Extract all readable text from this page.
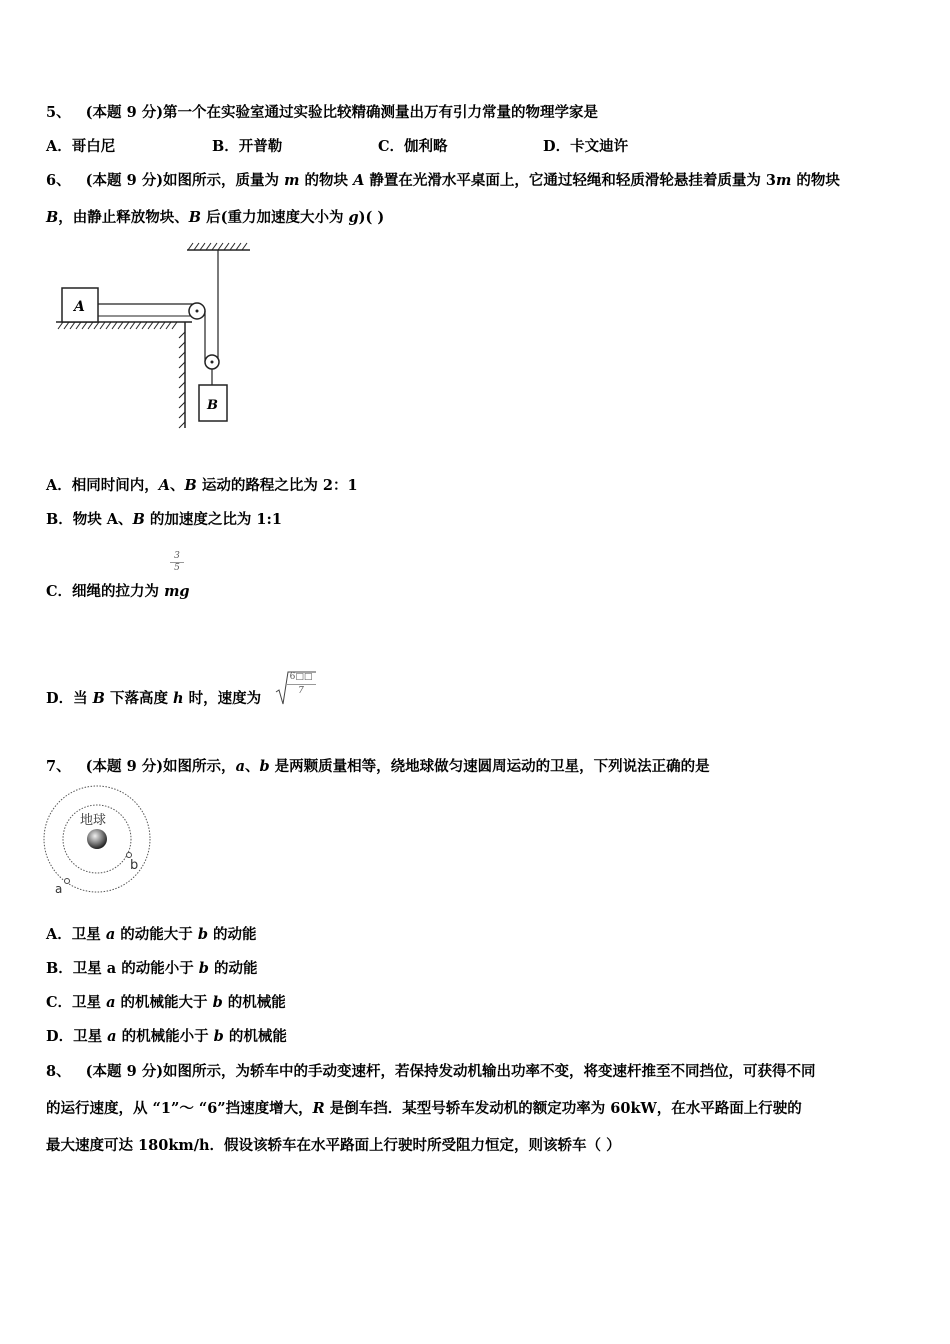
5、 (本题 9 分)第一个在实验室通过实验比较精确测量出万有引力常量的物理学家是
A．哥白尼	B．开普勒	C．伽利略	D．卡文迪许
6、 (本题 9 分)如图所示，质量为 m 的物块 A 静置在光滑水平桌面上，它通过轻绳和轻质滑轮悬挂着质量为 3m 的物块
B，由静止释放物块、B 后(重力加速度大小为 g)( )
A
B
A．相同时间内，A、B 运动的路程之比为 2：1
B．物块 A、B 的加速度之比为 1:1
3
5
C．细绳的拉力为 mg
D．当 B 下落高度 h 时，速度为
6□□
7
7、 (本题 9 分)如图所示，a、b 是两颗质量相等，绕地球做匀速圆周运动的卫星，下列说法正确的是
地球
b
a
A．卫星 a 的动能大于 b 的动能
B．卫星 a 的动能小于 b 的动能
C．卫星 a 的机械能大于 b 的机械能
D．卫星 a 的机械能小于 b 的机械能
8、 (本题 9 分)如图所示，为轿车中的手动变速杆，若保持发动机输出功率不变，将变速杆推至不同挡位，可获得不同
的运行速度，从 “1”～ “6”挡速度增大，R 是倒车挡．某型号轿车发动机的额定功率为 60kW，在水平路面上行驶的
最大速度可达 180km/h．假设该轿车在水平路面上行驶时所受阻力恒定，则该轿车（ ）
